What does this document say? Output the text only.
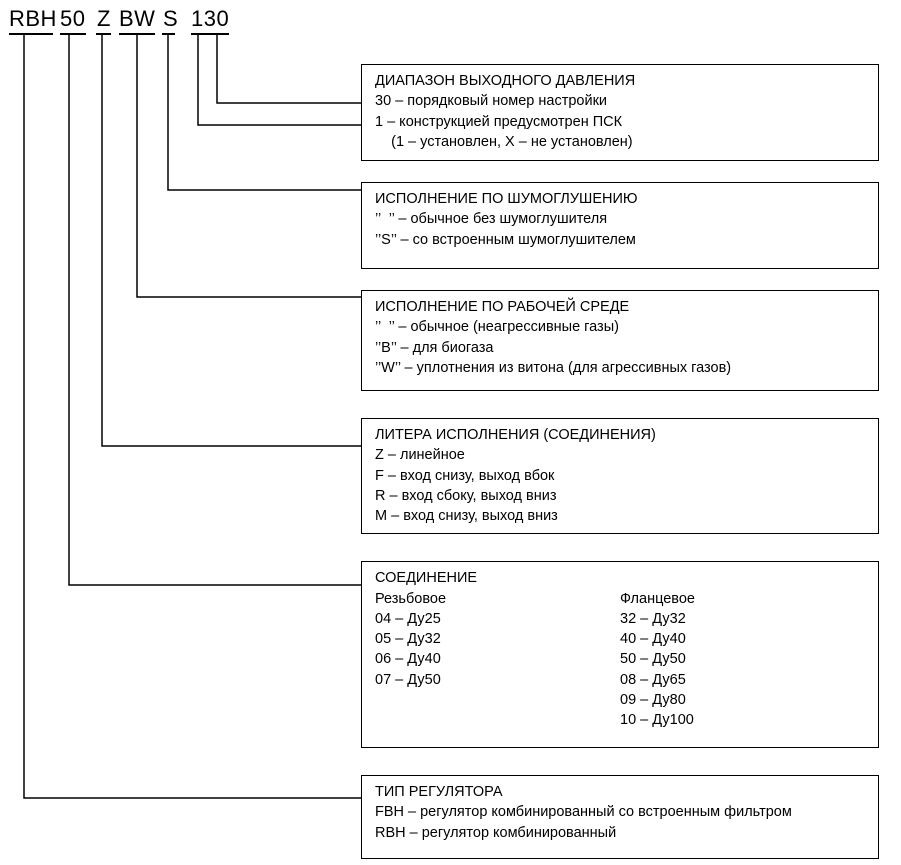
RBH 50 Z BW S 130
ДИАПАЗОН ВЫХОДНОГО ДАВЛЕНИЯ
30 – порядковый номер настройки
1 – конструкцией предусмотрен ПСК
(1 – установлен, Х – не установлен)
ИСПОЛНЕНИЕ ПО ШУМОГЛУШЕНИЮ
’’  ’’ – обычное без шумоглушителя
’’S’’ – со встроенным шумоглушителем
ИСПОЛНЕНИЕ ПО РАБОЧЕЙ СРЕДЕ
’’  ’’ – обычное (неагрессивные газы)
’’B’’ – для биогаза
’’W’’ – уплотнения из витона (для агрессивных газов)
ЛИТЕРА ИСПОЛНЕНИЯ (СОЕДИНЕНИЯ)
Z – линейное
F – вход снизу, выход вбок
R – вход сбоку, выход вниз
M – вход снизу, выход вниз
СОЕДИНЕНИЕ
Резьбовое
04 – Ду25
05 – Ду32
06 – Ду40
07 – Ду50
Фланцевое
32 – Ду32
40 – Ду40
50 – Ду50
08 – Ду65
09 – Ду80
10 – Ду100
ТИП РЕГУЛЯТОРА
FBH – регулятор комбинированный со встроенным фильтром
RBH – регулятор комбинированный
